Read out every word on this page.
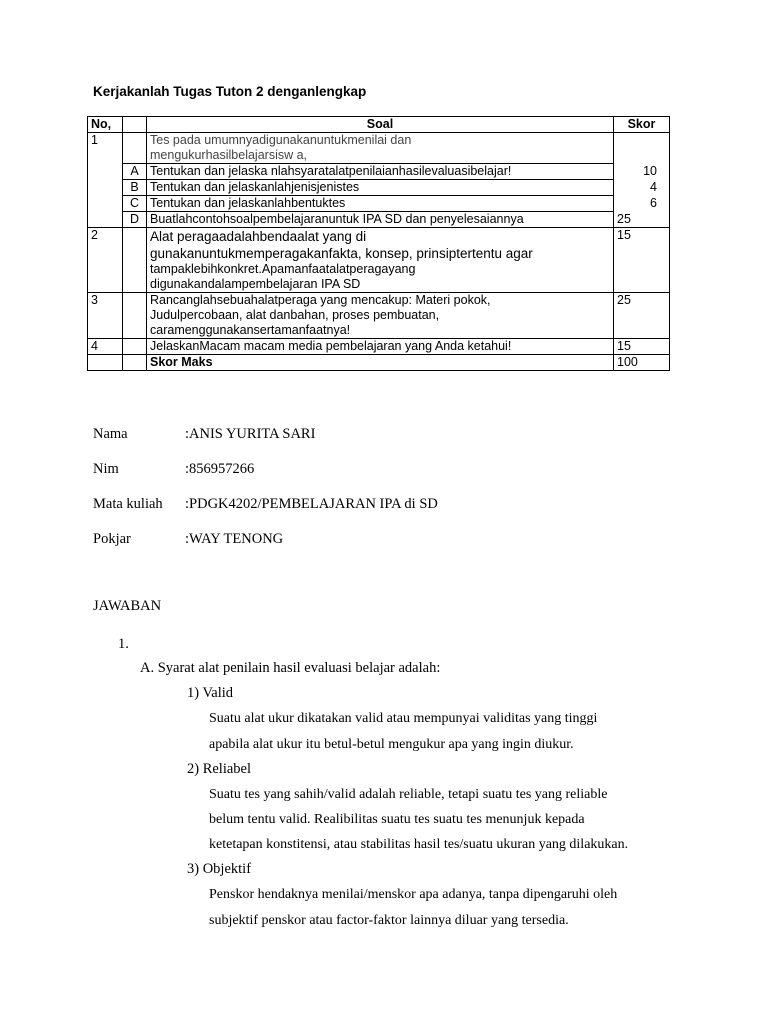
Kerjakanlah Tugas Tuton 2 denganlengkap
No,		Soal	Skor
1		Tes pada umumnyadigunakanuntukmenilai dan
mengukurhasilbelajarsisw a,	

	A	Tentukan dan jelaska nlahsyaratalatpenilaianhasilevaluasibelajar!	10
	B	Tentukan dan jelaskanlahjenisjenistes	4
	C	Tentukan dan jelaskanlahbentuktes	6
	D	Buatlahcontohsoalpembelajaranuntuk IPA SD dan penyelesaiannya	25
2		Alat peragaadalahbendaalat yang di
gunakanuntukmemperagakanfakta, konsep, prinsiptertentu agar
tampaklebihkonkret.Apamanfaatalatperagayang
digunakandalampembelajaran IPA SD	15
3		Rancanglahsebuahalatperaga yang mencakup: Materi pokok,
Judulpercobaan, alat danbahan, proses pembuatan,
caramenggunakansertamanfaatnya!	25
4		JelaskanMacam macam media pembelajaran yang Anda ketahui!	15
		Skor Maks	100
Nama	:ANIS YURITA SARI
Nim	:856957266
Mata kuliah :PDGK4202/PEMBELAJARAN IPA di SD
Pokjar	:WAY TENONG
JAWABAN
1.
A. Syarat alat penilain hasil evaluasi belajar adalah:
1) Valid
Suatu alat ukur dikatakan valid atau mempunyai validitas yang tinggi
apabila alat ukur itu betul-betul mengukur apa yang ingin diukur.
2) Reliabel
Suatu tes yang sahih/valid adalah reliable, tetapi suatu tes yang reliable
belum tentu valid. Realibilitas suatu tes suatu tes menunjuk kepada
ketetapan konstitensi, atau stabilitas hasil tes/suatu ukuran yang dilakukan.
3) Objektif
Penskor hendaknya menilai/menskor apa adanya, tanpa dipengaruhi oleh
subjektif penskor atau factor-faktor lainnya diluar yang tersedia.
